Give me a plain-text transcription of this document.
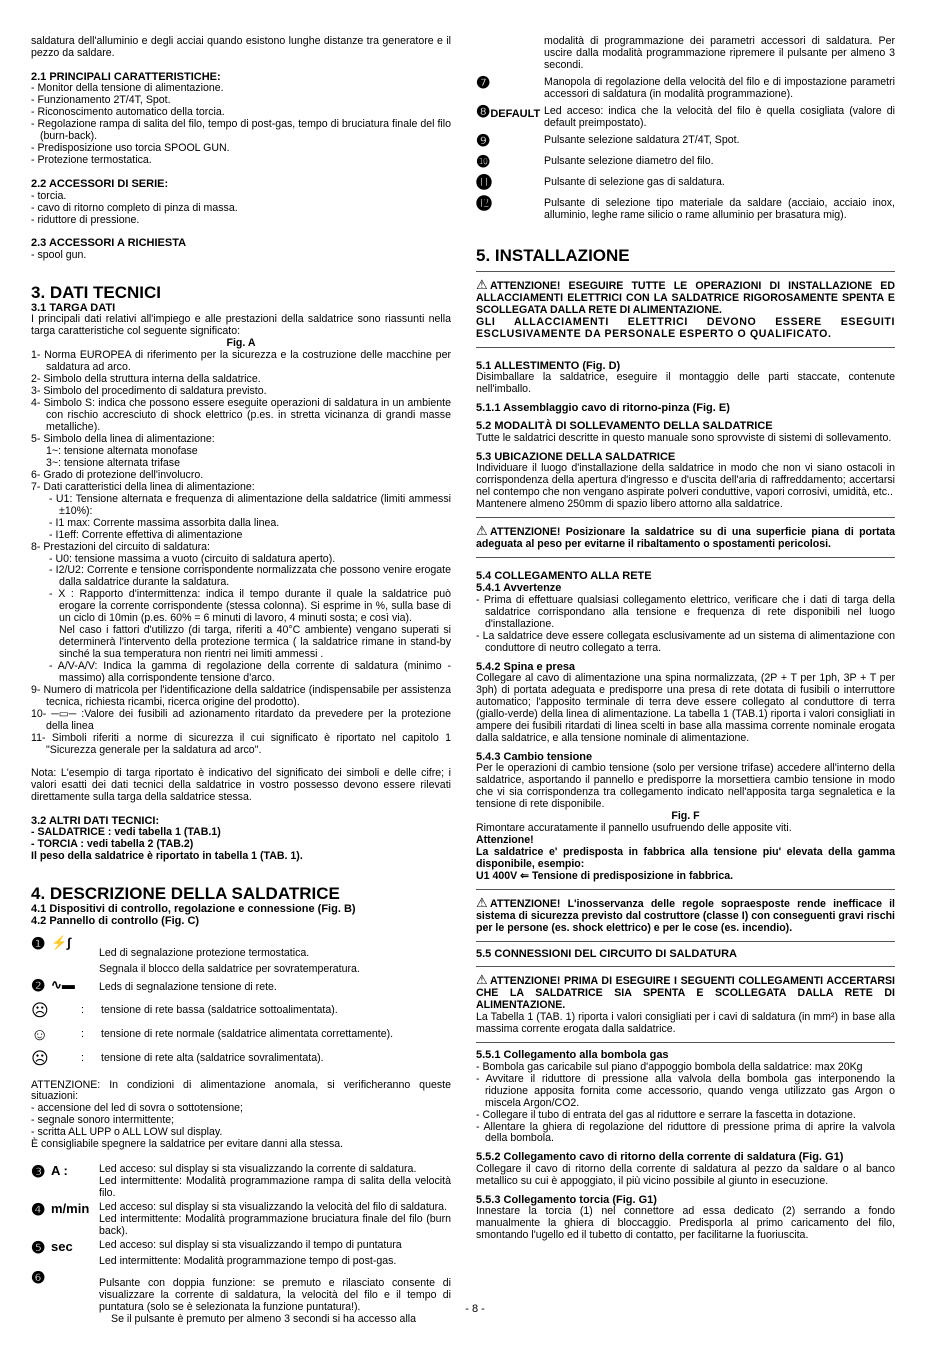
saldatura dell'alluminio e degli acciai quando esistono lunghe distanze tra generatore e il pezzo da saldare.

2.1 PRINCIPALI CARATTERISTICHE:

- Monitor della tensione di alimentazione.

- Funzionamento 2T/4T, Spot.

- Riconoscimento automatico della torcia.

- Regolazione rampa di salita del filo, tempo di post-gas, tempo di bruciatura finale del filo (burn-back).

- Predisposizione uso torcia SPOOL GUN.

- Protezione termostatica.

2.2 ACCESSORI DI SERIE:

- torcia.

- cavo di ritorno completo di pinza di massa.

- riduttore di pressione.

2.3 ACCESSORI A RICHIESTA

- spool gun.

3. DATI TECNICI

3.1 TARGA DATI

I principali dati relativi all'impiego e alle prestazioni della saldatrice sono riassunti nella targa caratteristiche col seguente significato:

Fig. A

1- Norma EUROPEA di riferimento per la sicurezza e la costruzione delle macchine per saldatura ad arco.

2- Simbolo della struttura interna della saldatrice.

3- Simbolo del procedimento di saldatura previsto.

4- Simbolo S: indica che possono essere eseguite operazioni di saldatura in un ambiente con rischio accresciuto di shock elettrico (p.es. in stretta vicinanza di grandi masse metalliche).

5- Simbolo della linea di alimentazione:

1~: tensione alternata monofase

3~: tensione alternata trifase

6- Grado di protezione dell'involucro.

7- Dati caratteristici della linea di alimentazione:

- U1: Tensione alternata e frequenza di alimentazione della saldatrice (limiti ammessi ±10%):

- I1 max: Corrente massima assorbita dalla linea.

- I1eff: Corrente effettiva di alimentazione

8- Prestazioni del circuito di saldatura:

- U0: tensione massima a vuoto (circuito di saldatura aperto).

- I2/U2: Corrente e tensione corrispondente normalizzata che possono venire erogate dalla saldatrice durante la saldatura.

- X : Rapporto d'intermittenza: indica il tempo durante il quale la saldatrice può erogare la corrente corrispondente (stessa colonna). Si esprime in %, sulla base di un ciclo di 10min (p.es. 60% = 6 minuti di lavoro, 4 minuti sosta; e così via).

Nel caso i fattori d'utilizzo (di targa, riferiti a 40°C ambiente) vengano superati si determinerà l'intervento della protezione termica ( la saldatrice rimane in stand-by sinché la sua temperatura non rientri nei limiti ammessi .

- A/V-A/V: Indica la gamma di regolazione della corrente di saldatura (minimo - massimo) alla corrispondente tensione d'arco.

9- Numero di matricola per l'identificazione della saldatrice (indispensabile per assistenza tecnica, richiesta ricambi, ricerca origine del prodotto).

10- ─▭─ :Valore dei fusibili ad azionamento ritardato da prevedere per la protezione della linea

11- Simboli riferiti a norme di sicurezza il cui significato è riportato nel capitolo 1 "Sicurezza generale per la saldatura ad arco".

Nota: L'esempio di targa riportato è indicativo del significato dei simboli e delle cifre; i valori esatti dei dati tecnici della saldatrice in vostro possesso devono essere rilevati direttamente sulla targa della saldatrice stessa.

3.2 ALTRI DATI TECNICI:

- SALDATRICE : vedi tabella 1 (TAB.1)

- TORCIA : vedi tabella 2 (TAB.2)

Il peso della saldatrice è riportato in tabella 1 (TAB. 1).

4. DESCRIZIONE DELLA SALDATRICE

4.1 Dispositivi di controllo, regolazione e connessione (Fig. B)

4.2 Pannello di controllo (Fig. C)

❶ ⚡∫

Led di segnalazione protezione termostatica.

Segnala il blocco della saldatrice per sovratemperatura.

❷ ∿▬	Leds di segnalazione tensione di rete.

☹	:	tensione di rete bassa (saldatrice sottoalimentata).
☺	:	tensione di rete normale (saldatrice alimentata correttamente).
☹	:	tensione di rete alta (saldatrice sovralimentata).

ATTENZIONE: In condizioni di alimentazione anomala, si verificheranno queste situazioni:

- accensione del led di sovra o sottotensione;

- segnale sonoro intermittente;

- scritta ALL UPP o ALL LOW sul display.

È consigliabile spegnere la saldatrice per evitare danni alla stessa.

❸ A :	Led acceso: sul display si sta visualizzando la corrente di saldatura.

Led intermittente: Modalità programmazione rampa di salita della velocità filo.

❹ m/min Led acceso: sul display si sta visualizzando la velocità del filo di saldatura.

Led intermittente: Modalità programmazione bruciatura finale del filo (burn back).

❺ sec	Led acceso: sul display si sta visualizzando il tempo di puntatura

Led intermittente: Modalità programmazione tempo di post-gas.

❻	Pulsante con doppia funzione: se premuto e rilasciato consente di visualizzare la corrente di saldatura, la velocità del filo e il tempo di puntatura (solo se è selezionata la funzione puntatura!).

Se il pulsante è premuto per almeno 3 secondi si ha accesso alla

modalità di programmazione dei parametri accessori di saldatura. Per uscire dalla modalità programmazione ripremere il pulsante per almeno 3 secondi.

❼	Manopola di regolazione della velocità del filo e di impostazione parametri accessori di saldatura (in modalità programmazione).

❽DEFAULT Led acceso: indica che la velocità del filo è quella cosigliata (valore di default preimpostato).

❾	Pulsante selezione saldatura 2T/4T, Spot.

❿	Pulsante selezione diametro del filo.

⓫	Pulsante di selezione gas di saldatura.

⓬	Pulsante di selezione tipo materiale da saldare (acciaio, acciaio inox, alluminio, leghe rame silicio o rame alluminio per brasatura mig).

5. INSTALLAZIONE

⚠ ATTENZIONE! ESEGUIRE TUTTE LE OPERAZIONI DI INSTALLAZIONE ED ALLACCIAMENTI ELETTRICI CON LA SALDATRICE RIGOROSAMENTE SPENTA E SCOLLEGATA DALLA RETE DI ALIMENTAZIONE.

GLI ALLACCIAMENTI ELETTRICI DEVONO ESSERE ESEGUITI ESCLUSIVAMENTE DA PERSONALE ESPERTO O QUALIFICATO.

5.1 ALLESTIMENTO (Fig. D)

Disimballare la saldatrice, eseguire il montaggio delle parti staccate, contenute nell'imballo.

5.1.1 Assemblaggio cavo di ritorno-pinza (Fig. E)

5.2 MODALITÀ DI SOLLEVAMENTO DELLA SALDATRICE

Tutte le saldatrici descritte in questo manuale sono sprovviste di sistemi di sollevamento.

5.3 UBICAZIONE DELLA SALDATRICE

Individuare il luogo d'installazione della saldatrice in modo che non vi siano ostacoli in corrispondenza della apertura d'ingresso e d'uscita dell'aria di raffreddamento; accertarsi nel contempo che non vengano aspirate polveri conduttive, vapori corrosivi, umidità, etc..

Mantenere almeno 250mm di spazio libero attorno alla saldatrice.

⚠ ATTENZIONE! Posizionare la saldatrice su di una superficie piana di portata adeguata al peso per evitarne il ribaltamento o spostamenti pericolosi.

5.4 COLLEGAMENTO ALLA RETE

5.4.1 Avvertenze

- Prima di effettuare qualsiasi collegamento elettrico, verificare che i dati di targa della saldatrice corrispondano alla tensione e frequenza di rete disponibili nel luogo d'installazione.

- La saldatrice deve essere collegata esclusivamente ad un sistema di alimentazione con conduttore di neutro collegato a terra.

5.4.2 Spina e presa

Collegare al cavo di alimentazione una spina normalizzata, (2P + T per 1ph, 3P + T per 3ph) di portata adeguata e predisporre una presa di rete dotata di fusibili o interruttore automatico; l'apposito terminale di terra deve essere collegato al conduttore di terra (giallo-verde) della linea di alimentazione. La tabella 1 (TAB.1) riporta i valori consigliati in ampere dei fusibili ritardati di linea scelti in base alla massima corrente nominale erogata dalla saldatrice, e alla tensione nominale di alimentazione.

5.4.3 Cambio tensione

Per le operazioni di cambio tensione (solo per versione trifase) accedere all'interno della saldatrice, asportando il pannello e predisporre la morsettiera cambio tensione in modo che vi sia corrispondenza tra collegamento indicato nell'apposita targa segnaletica e la tensione di rete disponibile.

Fig. F

Rimontare accuratamente il pannello usufruendo delle apposite viti.

Attenzione!

La saldatrice e' predisposta in fabbrica alla tensione piu' elevata della gamma disponibile, esempio:

U1 400V ⇐ Tensione di predisposizione in fabbrica.

⚠ ATTENZIONE! L'inosservanza delle regole sopraesposte rende inefficace il sistema di sicurezza previsto dal costruttore (classe I) con conseguenti gravi rischi per le persone (es. shock elettrico) e per le cose (es. incendio).

5.5 CONNESSIONI DEL CIRCUITO DI SALDATURA

⚠ ATTENZIONE! PRIMA DI ESEGUIRE I SEGUENTI COLLEGAMENTI ACCERTARSI CHE LA SALDATRICE SIA SPENTA E SCOLLEGATA DALLA RETE DI ALIMENTAZIONE.

La Tabella 1 (TAB. 1) riporta i valori consigliati per i cavi di saldatura (in mm²) in base alla massima corrente erogata dalla saldatrice.

5.5.1 Collegamento alla bombola gas

- Bombola gas caricabile sul piano d'appoggio bombola della saldatrice: max 20Kg

- Avvitare il riduttore di pressione alla valvola della bombola gas interponendo la riduzione apposita fornita come accessorio, quando venga utilizzato gas Argon o miscela Argon/CO2.

- Collegare il tubo di entrata del gas al riduttore e serrare la fascetta in dotazione.

- Allentare la ghiera di regolazione del riduttore di pressione prima di aprire la valvola della bombola.

5.5.2 Collegamento cavo di ritorno della corrente di saldatura (Fig. G1)

Collegare il cavo di ritorno della corrente di saldatura al pezzo da saldare o al banco metallico su cui è appoggiato, il più vicino possibile al giunto in esecuzione.

5.5.3 Collegamento torcia (Fig. G1)

Innestare la torcia (1) nel connettore ad essa dedicato (2) serrando a fondo manualmente la ghiera di bloccaggio. Predisporla al primo caricamento del filo, smontando l'ugello ed il tubetto di contatto, per facilitarne la fuoriuscita.

- 8 -
